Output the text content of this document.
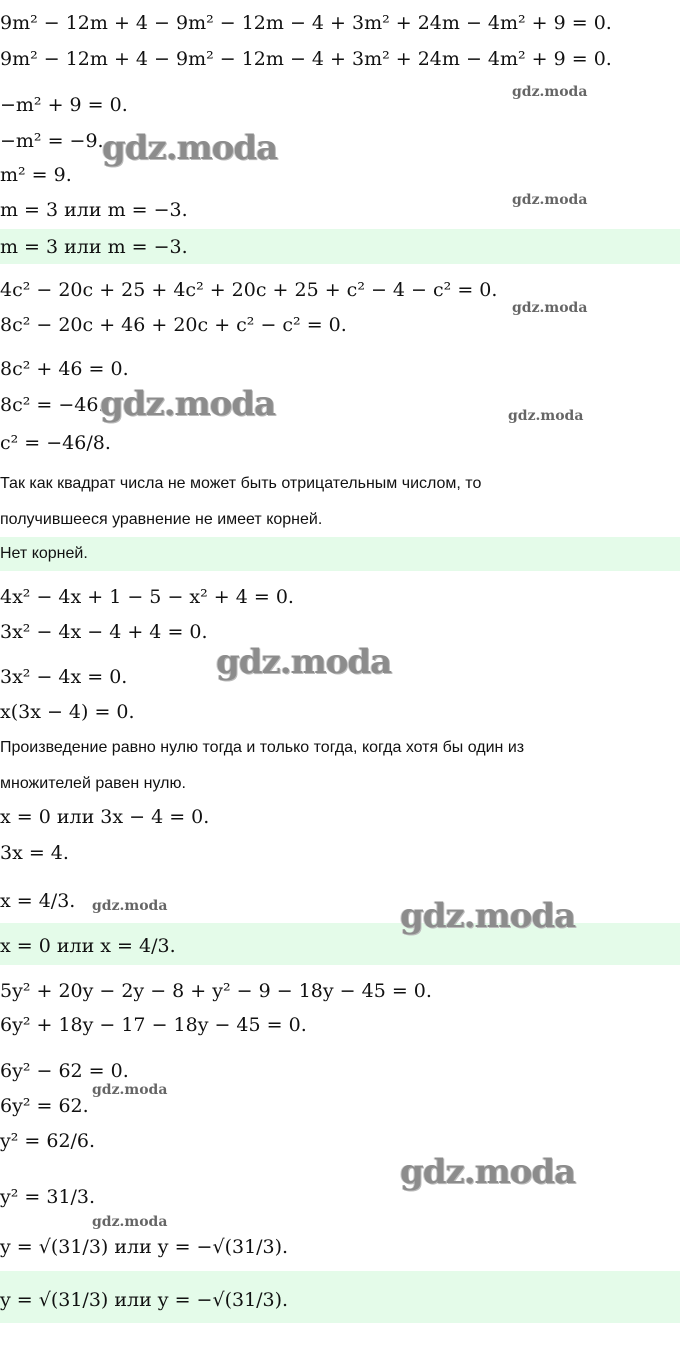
9m² − 12m + 4 − 9m² − 12m − 4 + 3m² + 24m − 4m² + 9 = 0.
9m² − 12m + 4 − 9m² − 12m − 4 + 3m² + 24m − 4m² + 9 = 0.
−m² + 9 = 0.
−m² = −9.
m² = 9.
m = 3 или m = −3.
m = 3 или m = −3.
4c² − 20c + 25 + 4c² + 20c + 25 + c² − 4 − c² = 0.
8c² − 20c + 46 + 20c + c² − c² = 0.
8c² + 46 = 0.
8c² = −46.
c² = −46/8.
Так как квадрат числа не может быть отрицательным числом, то
получившееся уравнение не имеет корней.
Нет корней.
4x² − 4x + 1 − 5 − x² + 4 = 0.
3x² − 4x − 4 + 4 = 0.
3x² − 4x = 0.
x(3x − 4) = 0.
Произведение равно нулю тогда и только тогда, когда хотя бы один из
множителей равен нулю.
x = 0 или 3x − 4 = 0.
3x = 4.
x = 4/3.
x = 0 или x = 4/3.
5y² + 20y − 2y − 8 + y² − 9 − 18y − 45 = 0.
6y² + 18y − 17 − 18y − 45 = 0.
6y² − 62 = 0.
6y² = 62.
y² = 62/6.
y² = 31/3.
y = √(31/3) или y = −√(31/3).
y = √(31/3) или y = −√(31/3).
gdz.moda
gdz.moda
gdz.moda
gdz.moda
gdz.moda
gdz.moda
gdz.moda
gdz.moda
gdz.moda
gdz.moda
gdz.moda
gdz.moda
